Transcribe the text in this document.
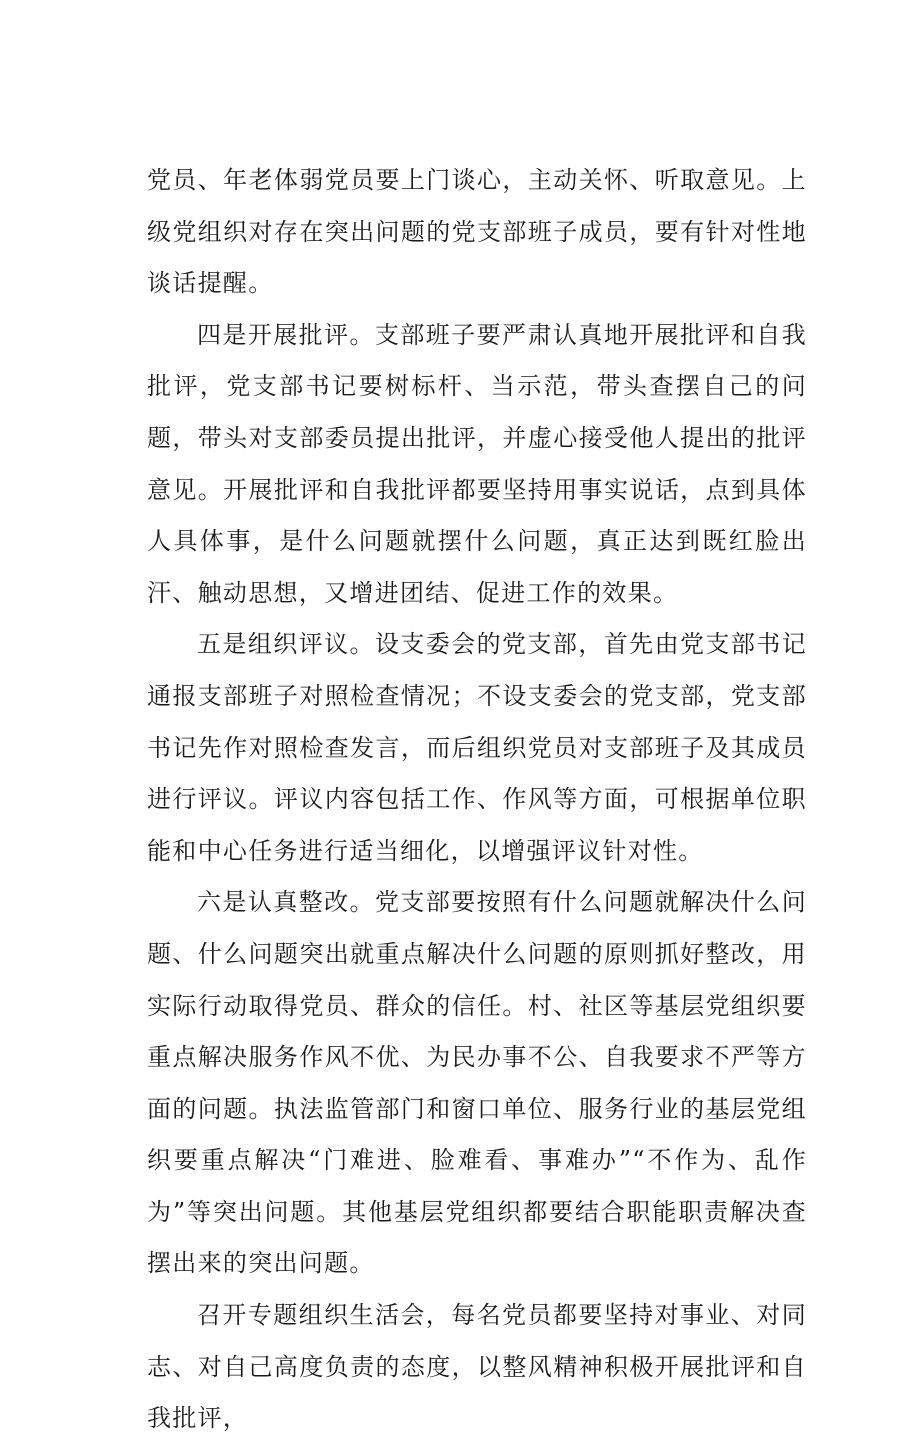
党员、年老体弱党员要上门谈心，主动关怀、听取意见。上级党组织对存在突出问题的党支部班子成员，要有针对性地谈话提醒。

四是开展批评。支部班子要严肃认真地开展批评和自我批评，党支部书记要树标杆、当示范，带头查摆自己的问题，带头对支部委员提出批评，并虚心接受他人提出的批评意见。开展批评和自我批评都要坚持用事实说话，点到具体人具体事，是什么问题就摆什么问题，真正达到既红脸出汗、触动思想，又增进团结、促进工作的效果。

五是组织评议。设支委会的党支部，首先由党支部书记通报支部班子对照检查情况；不设支委会的党支部，党支部书记先作对照检查发言，而后组织党员对支部班子及其成员进行评议。评议内容包括工作、作风等方面，可根据单位职能和中心任务进行适当细化，以增强评议针对性。

六是认真整改。党支部要按照有什么问题就解决什么问题、什么问题突出就重点解决什么问题的原则抓好整改，用实际行动取得党员、群众的信任。村、社区等基层党组织要重点解决服务作风不优、为民办事不公、自我要求不严等方面的问题。执法监管部门和窗口单位、服务行业的基层党组织要重点解决“门难进、脸难看、事难办”“不作为、乱作为”等突出问题。其他基层党组织都要结合职能职责解决查摆出来的突出问题。

召开专题组织生活会，每名党员都要坚持对事业、对同志、对自己高度负责的态度，以整风精神积极开展批评和自我批评，
